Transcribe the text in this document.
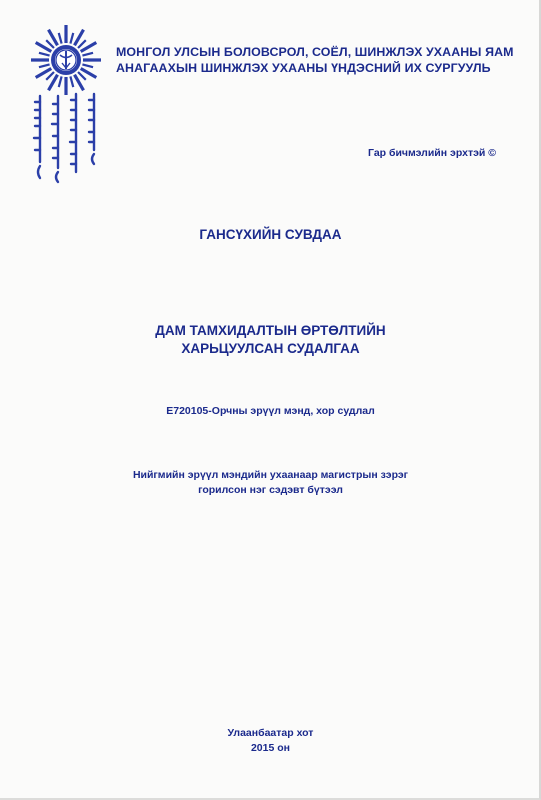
МОНГОЛ УЛСЫН БОЛОВСРОЛ, СОЁЛ, ШИНЖЛЭХ УХААНЫ ЯАМ
АНАГААХЫН ШИНЖЛЭХ УХААНЫ ҮНДЭСНИЙ ИХ СУРГУУЛЬ
Гар бичмэлийн эрхтэй ©
ГАНСҮХИЙН СУВДАА
ДАМ ТАМХИДАЛТЫН ӨРТӨЛТИЙН
ХАРЬЦУУЛСАН СУДАЛГАА
E720105-Орчны эрүүл мэнд, хор судлал
Нийгмийн эрүүл мэндийн ухаанаар магистрын зэрэг
горилсон нэг сэдэвт бүтээл
Улаанбаатар хот
2015 он
